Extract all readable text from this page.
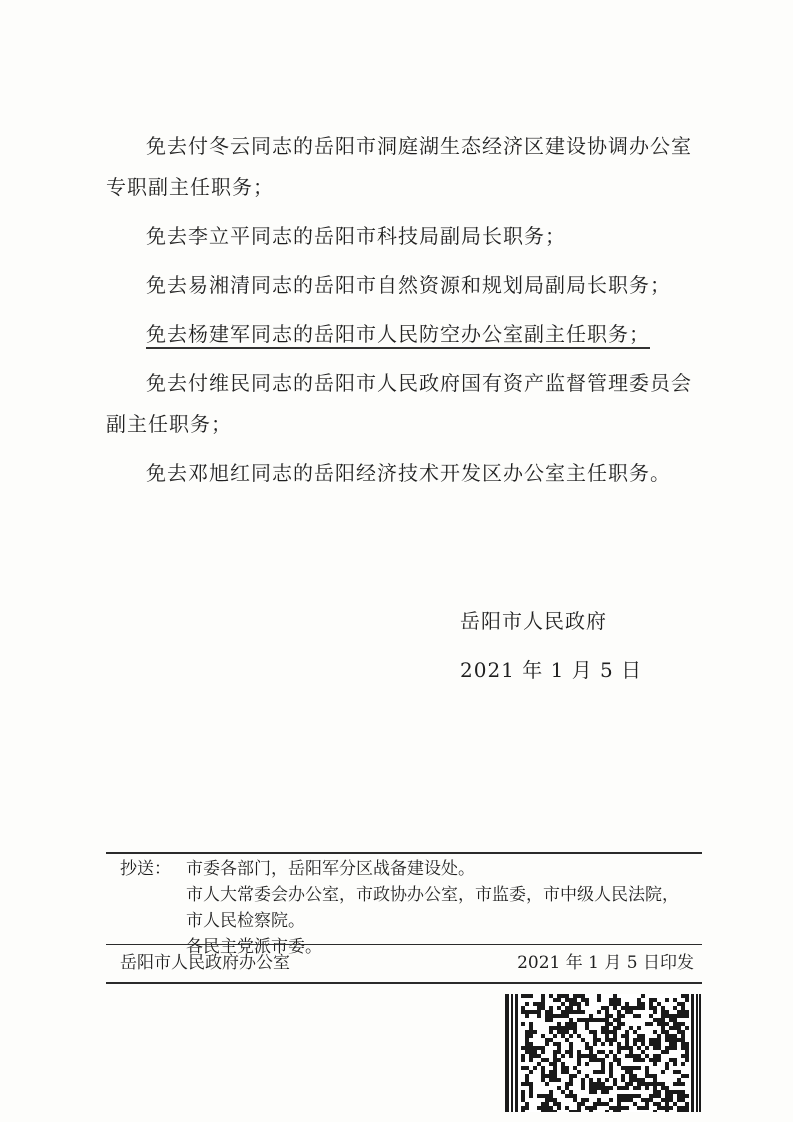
免去付冬云同志的岳阳市洞庭湖生态经济区建设协调办公室专职副主任职务；

免去李立平同志的岳阳市科技局副局长职务；

免去易湘清同志的岳阳市自然资源和规划局副局长职务；

免去杨建军同志的岳阳市人民防空办公室副主任职务；

免去付维民同志的岳阳市人民政府国有资产监督管理委员会副主任职务；

免去邓旭红同志的岳阳经济技术开发区办公室主任职务。

岳阳市人民政府
2021 年 1 月 5 日
抄送： 市委各部门，岳阳军分区战备建设处。
市人大常委会办公室，市政协办公室，市监委，市中级人民法院，
市人民检察院。
各民主党派市委。
岳阳市人民政府办公室	2021 年 1 月 5 日印发
